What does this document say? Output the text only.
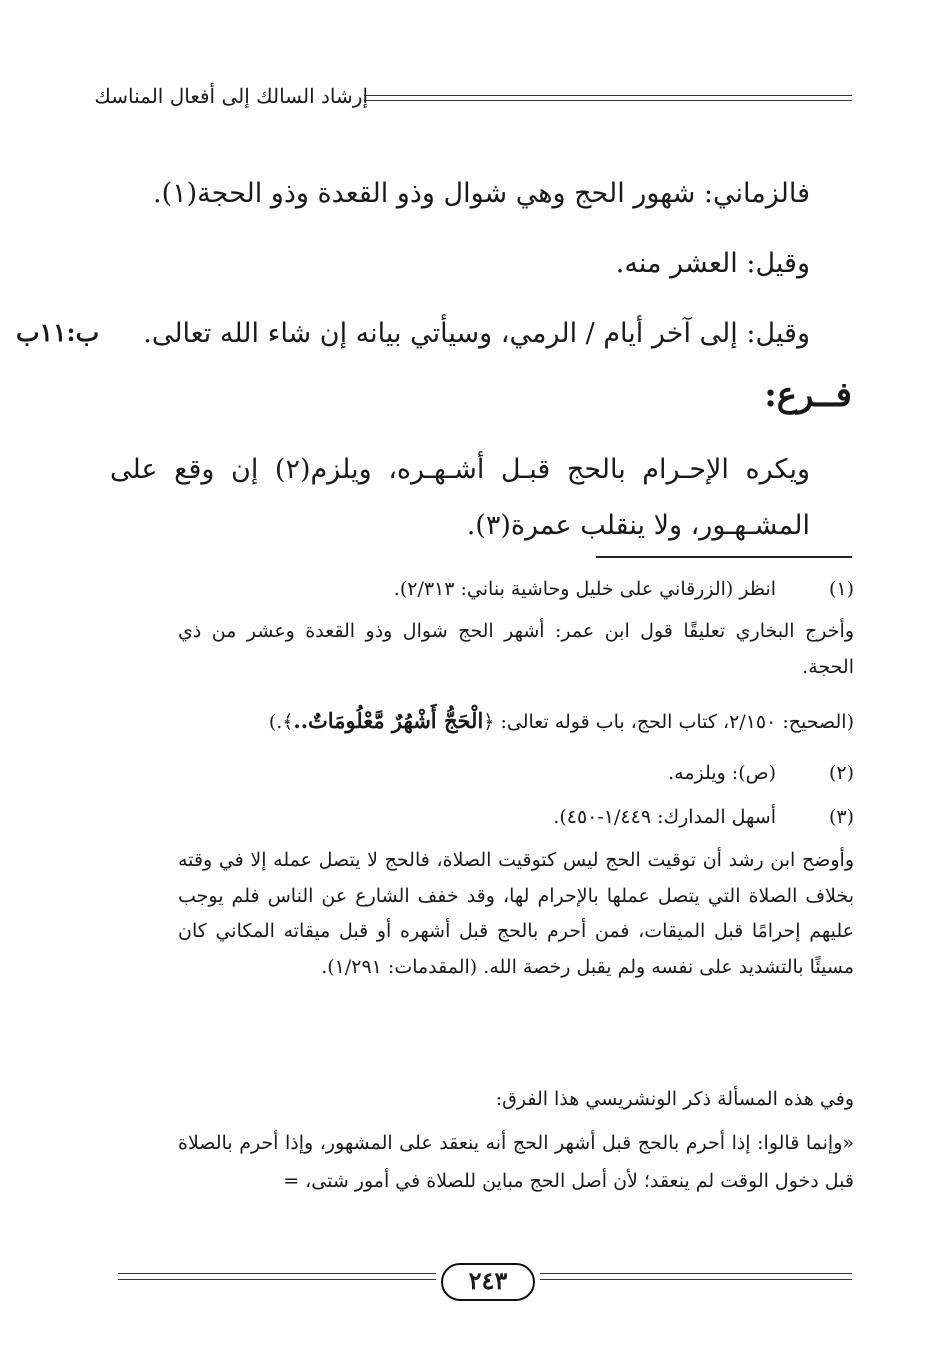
إرشاد السالك إلى أفعال المناسك
فالزماني: شهور الحج وهي شوال وذو القعدة وذو الحجة(١).
وقيل: العشر منه.
وقيل: إلى آخر أيام / الرمي، وسيأتي بيانه إن شاء الله تعالى.
ب:١١ب
فــرع:
ويكره الإحـرام بالحج قبـل أشـهـره، ويلزم(٢) إن وقع على المشـهـور، ولا ينقلب عمرة(٣).
(١)
انظر (الزرقاني على خليل وحاشية بناني: ٢/٣١٣).
وأخرج البخاري تعليقًا قول ابن عمر: أشهر الحج شوال وذو القعدة وعشر من ذي الحجة.
(الصحيح: ٢/١٥٠، كتاب الحج، باب قوله تعالى: ﴿الْحَجُّ أَشْهُرٌ مَّعْلُومَاتٌ..﴾.)
(٢)
(ص): ويلزمه.
(٣)
أسهل المدارك: ١/٤٤٩-٤٥٠).
وأوضح ابن رشد أن توقيت الحج ليس كتوقيت الصلاة، فالحج لا يتصل عمله إلا في وقته بخلاف الصلاة التي يتصل عملها بالإحرام لها، وقد خفف الشارع عن الناس فلم يوجب عليهم إحرامًا قبل الميقات، فمن أحرم بالحج قبل أشهره أو قبل ميقاته المكاني كان مسيئًا بالتشديد على نفسه ولم يقبل رخصة الله. (المقدمات: ١/٢٩١).
وفي هذه المسألة ذكر الونشريسي هذا الفرق:
«وإنما قالوا: إذا أحرم بالحج قبل أشهر الحج أنه ينعقد على المشهور، وإذا أحرم بالصلاة قبل دخول الوقت لم ينعقد؛ لأن أصل الحج مباين للصلاة في أمور شتى، =
٢٤٣
